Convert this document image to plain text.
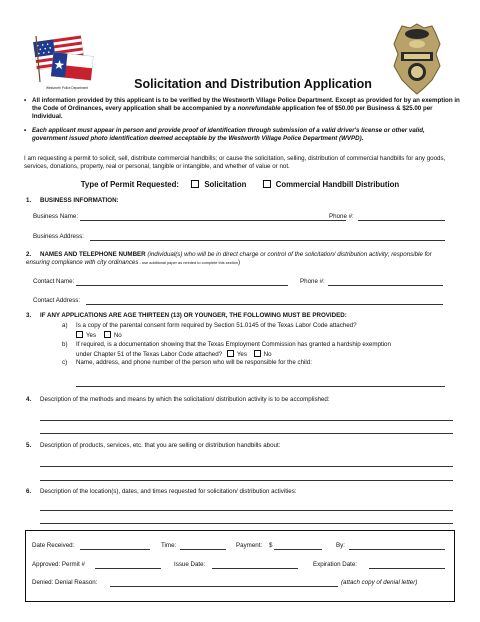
Westworth Police Department	Solicitation and Distribution Application
• All information provided by this applicant is to be verified by the Westworth Village Police Department. Except as provided for by an exemption in the Code of Ordinances, every application shall be accompanied by a nonrefundable application fee of $50.00 per Business & $25.00 per Individual.
• Each applicant must appear in person and provide proof of identification through submission of a valid driver's license or other valid, government issued photo identification deemed acceptable by the Westworth Village Police Department (WVPD).
I am requesting a permit to solicit, sell, distribute commercial handbills; or cause the solicitation, selling, distribution of commercial handbills for any goods, services, donations, property, real or personal, tangible or intangible, and whether of value or not.
Type of Permit Requested:	Solicitation	Commercial Handbill Distribution
1. BUSINESS INFORMATION:
Business Name:	Phone #:
Business Address:
2. NAMES AND TELEPHONE NUMBER (individual(s) who will be in direct charge or control of the solicitation/ distribution activity; responsible for ensuring compliance with city ordinances - use additional paper as needed to complete this section)
Contact Name:	Phone #:
Contact Address:
3. IF ANY APPLICATIONS ARE AGE THIRTEEN (13) OR YOUNGER, THE FOLLOWING MUST BE PROVIDED:
a) Is a copy of the parental consent form required by Section 51.0145 of the Texas Labor Code attached?
Yes	No
b) If required, is a documentation showing that the Texas Employment Commission has granted a hardship exemption
under Chapter 51 of the Texas Labor Code attached? Yes	No
c) Name, address, and phone number of the person who will be responsible for the child:
4. Description of the methods and means by which the solicitation/ distribution activity is to be accomplished:
5. Description of products, services, etc. that you are selling or distribution handbills about:
6. Description of the location(s), dates, and times requested for solicitation/ distribution activities:
Date Received:	Time:	Payment: $	By:
Approved: Permit #	Issue Date:	Expiration Date:
Denied: Denial Reason:	(attach copy of denial letter)
